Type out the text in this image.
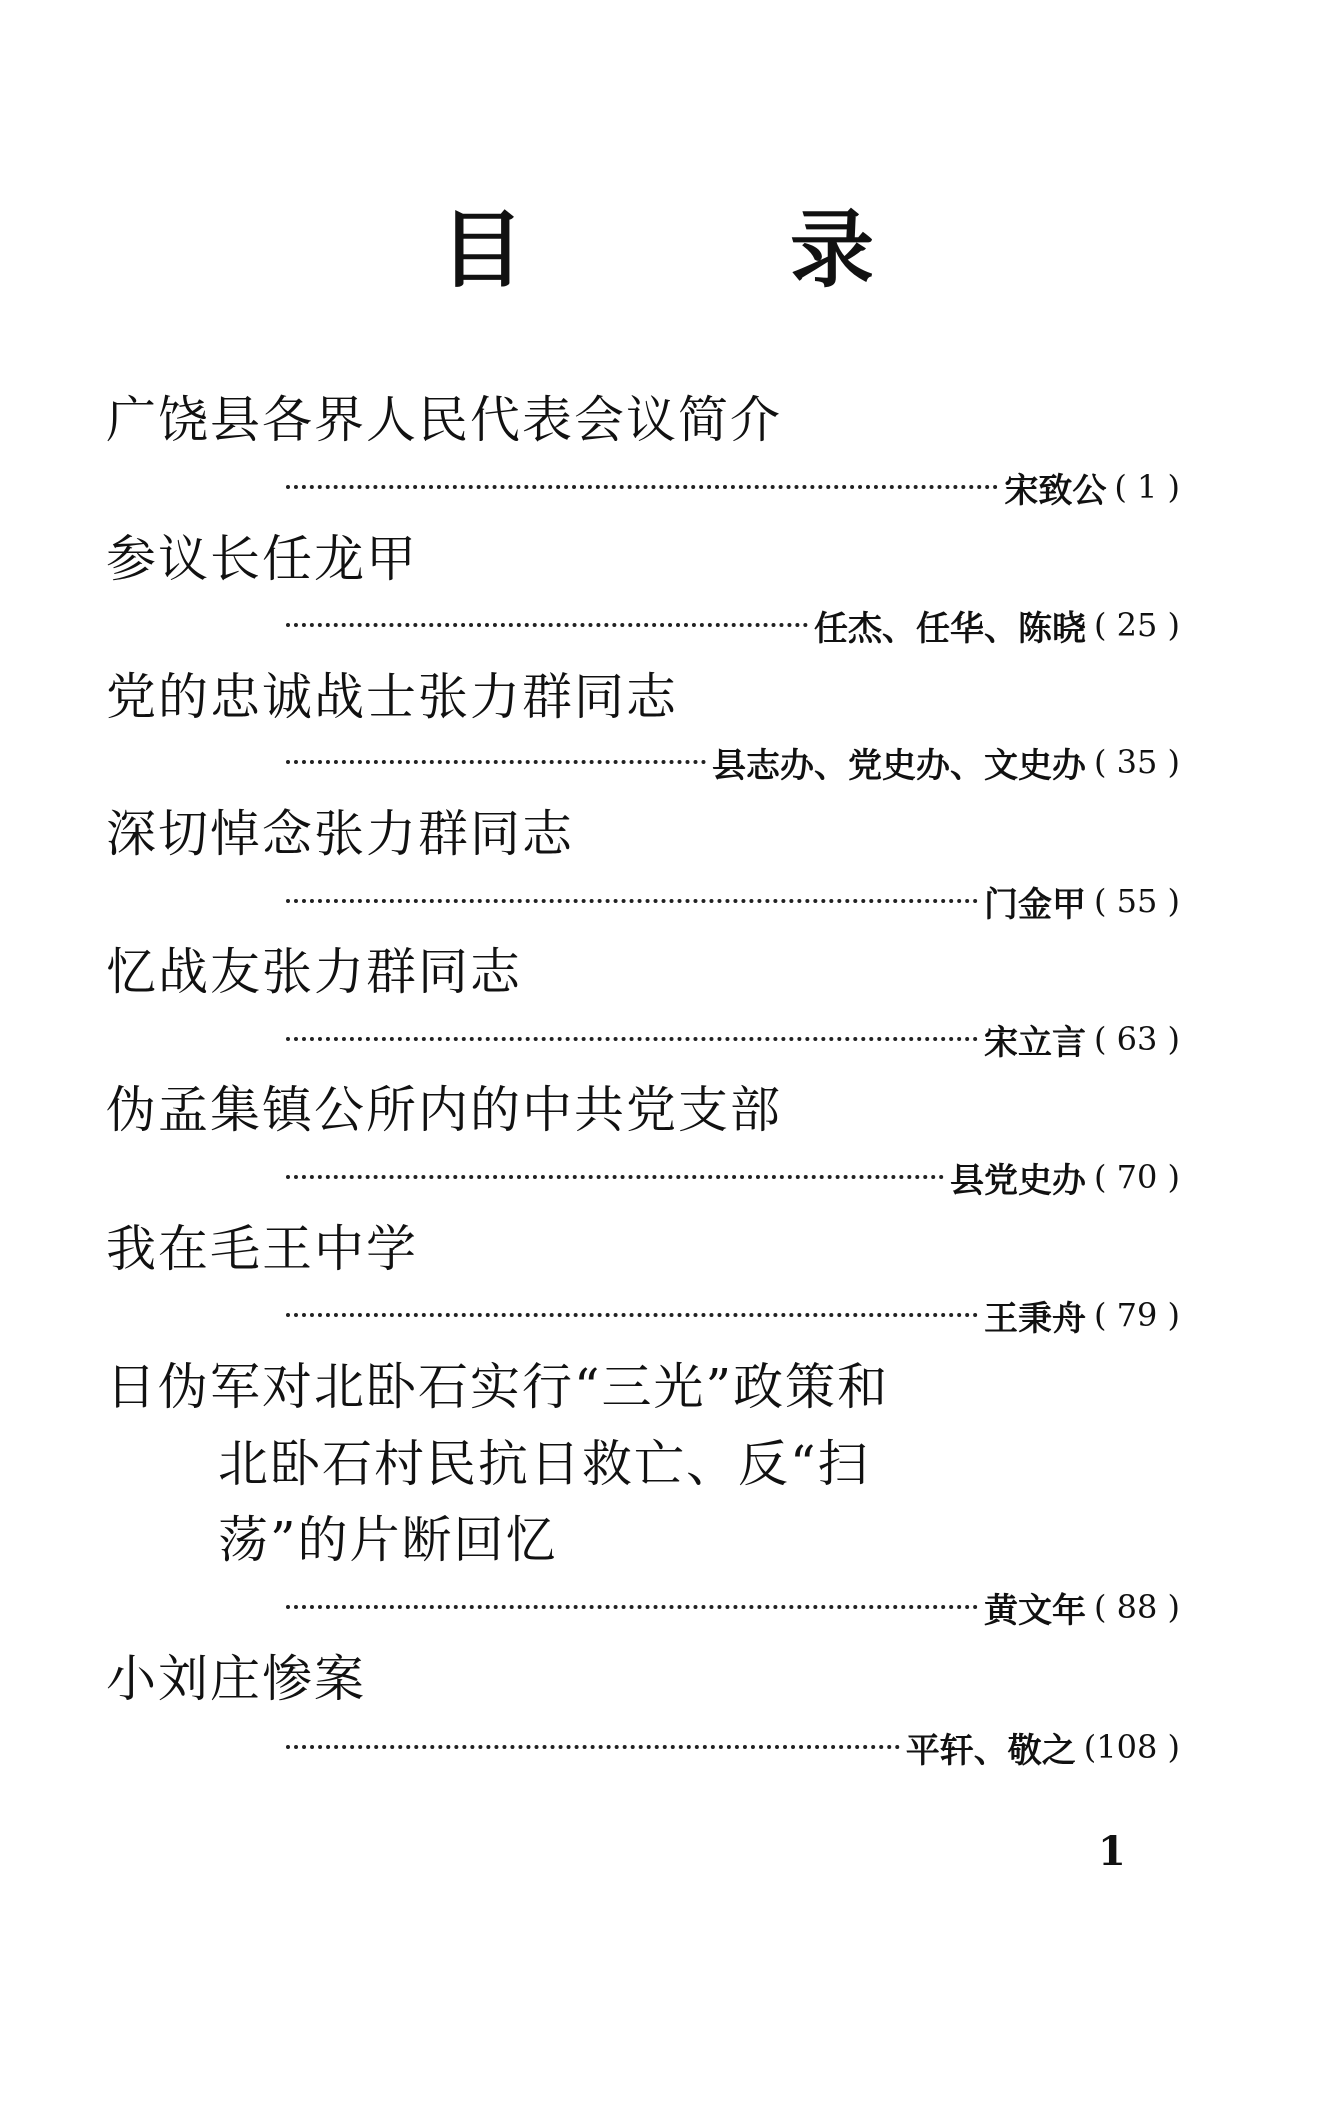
目	录
广饶县各界人民代表会议简介
宋致公 ( 1 )
参议长任龙甲
任杰、任华、陈晓 ( 25 )
党的忠诚战士张力群同志
县志办、党史办、文史办 ( 35 )
深切悼念张力群同志
门金甲 ( 55 )
忆战友张力群同志
宋立言 ( 63 )
伪孟集镇公所内的中共党支部
县党史办 ( 70 )
我在毛王中学
王秉舟 ( 79 )
日伪军对北卧石实行“三光”政策和
北卧石村民抗日救亡、反“扫
荡”的片断回忆
黄文年 ( 88 )
小刘庄惨案
平轩、敬之 (108 )
1
